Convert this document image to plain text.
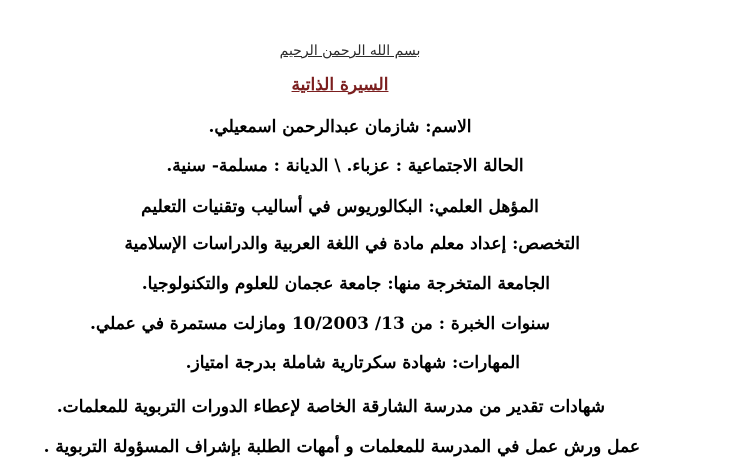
بسم الله الرحمن الرحيم
السيرة الذاتية
الاسم: شازمان عبدالرحمن اسمعيلي.
الحالة الاجتماعية : عزباء. \ الديانة : مسلمة- سنية.
المؤهل العلمي: البكالوريوس في أساليب وتقنيات التعليم
التخصص: إعداد معلم مادة في اللغة العربية والدراسات الإسلامية
الجامعة المتخرجة منها: جامعة عجمان للعلوم والتكنولوجيا.
سنوات الخبرة : من 13/ 10/2003 ومازلت مستمرة في عملي.
المهارات: شهادة سكرتارية شاملة بدرجة امتياز.
شهادات تقدير من مدرسة الشارقة الخاصة لإعطاء الدورات التربوية للمعلمات.
عمل ورش عمل في المدرسة للمعلمات و أمهات الطلبة بإشراف المسؤولة التربوية .
